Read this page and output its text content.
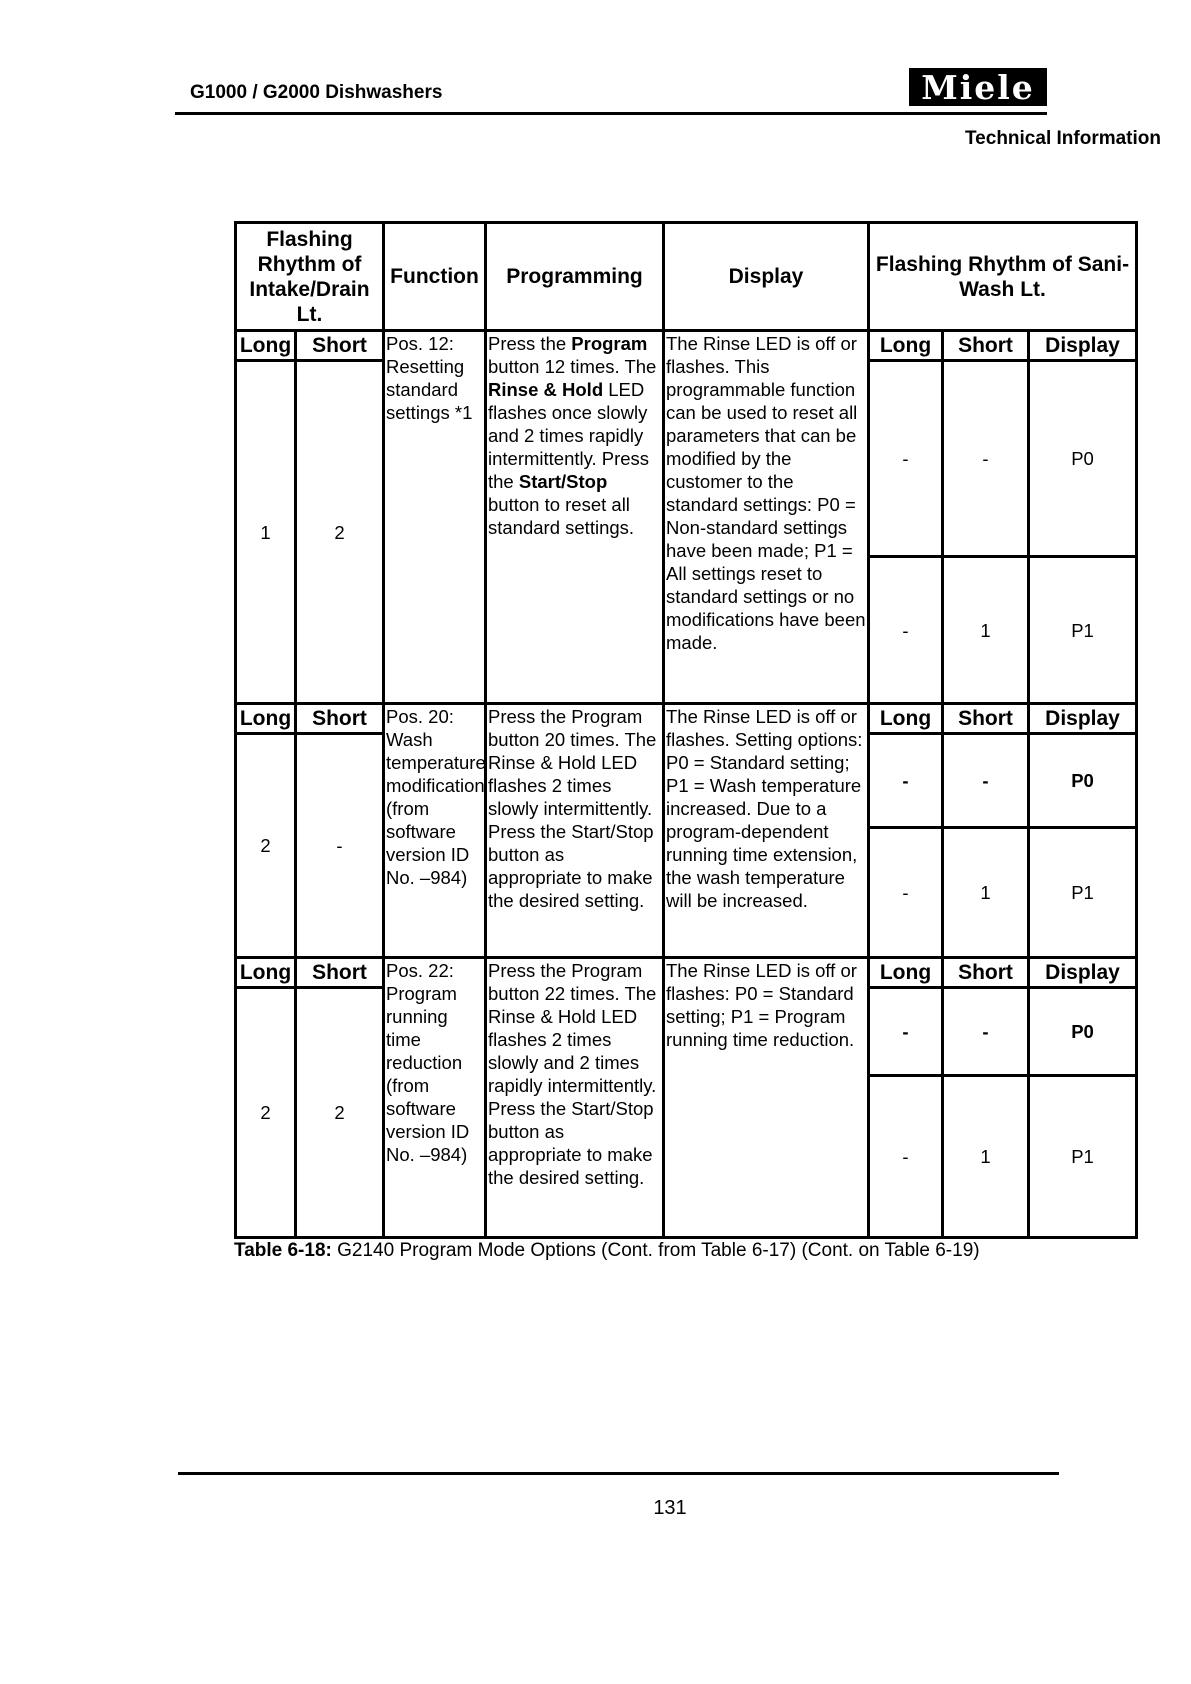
G1000 / G2000 Dishwashers	Miele
Technical Information
Flashing Rhythm of Intake/Drain Lt.		Function	Programming	Display	Flashing Rhythm of Sani-Wash Lt.		

Long	Short	Pos. 12: Resetting standard settings *1	Press the Program button 12 times. The Rinse & Hold LED flashes once slowly and 2 times rapidly intermittently. Press the Start/Stop button to reset all standard settings.	The Rinse LED is off or flashes. This programmable function can be used to reset all parameters that can be modified by the customer to the standard settings: P0 = Non-standard settings have been made; P1 = All settings reset to standard settings or no modifications have been made.	Long	Short	Display
1	2				-	-	P0
					-	1	P1
Long	Short	Pos. 20: Wash temperature modification (from software version ID No. –984)	Press the Program button 20 times. The Rinse & Hold LED flashes 2 times slowly intermittently. Press the Start/Stop button as appropriate to make the desired setting.	The Rinse LED is off or flashes. Setting options: P0 = Standard setting; P1 = Wash temperature increased. Due to a program-dependent running time extension, the wash temperature will be increased.	Long	Short	Display
2	-				-	-	P0
					-	1	P1
Long	Short	Pos. 22: Program running time reduction (from software version ID No. –984)	Press the Program button 22 times. The Rinse & Hold LED flashes 2 times slowly and 2 times rapidly intermittently. Press the Start/Stop button as appropriate to make the desired setting.	The Rinse LED is off or flashes: P0 = Standard setting; P1 = Program running time reduction.	Long	Short	Display
2	2				-	-	P0
					-	1	P1
Table 6-18: G2140 Program Mode Options (Cont. from Table 6-17) (Cont. on Table 6-19)
131
